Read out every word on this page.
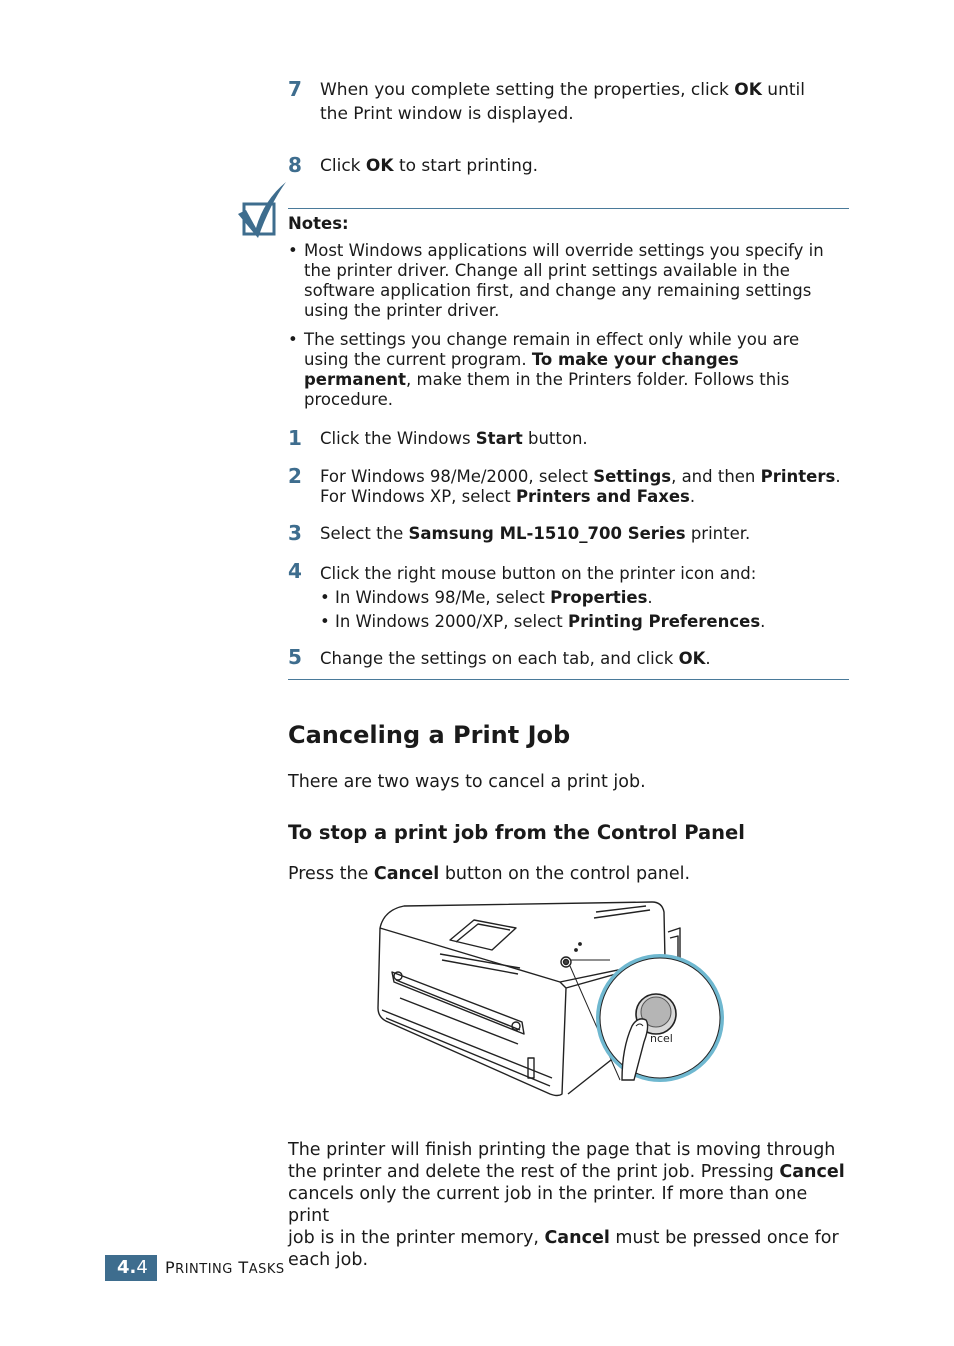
7 When you complete setting the properties, click OK until
the Print window is displayed.
8 Click OK to start printing.
Notes:
• Most Windows applications will override settings you specify in
the printer driver. Change all print settings available in the
software application first, and change any remaining settings
using the printer driver.
• The settings you change remain in effect only while you are
using the current program. To make your changes
permanent, make them in the Printers folder. Follows this
procedure.
1 Click the Windows Start button.
2 For Windows 98/Me/2000, select Settings, and then Printers.
For Windows XP, select Printers and Faxes.
3 Select the Samsung ML-1510_700 Series printer.
4 Click the right mouse button on the printer icon and:
• In Windows 98/Me, select Properties.
• In Windows 2000/XP, select Printing Preferences.
5 Change the settings on each tab, and click OK.
Canceling a Print Job
There are two ways to cancel a print job.
To stop a print job from the Control Panel
Press the Cancel button on the control panel.
ncel
The printer will finish printing the page that is moving through
the printer and delete the rest of the print job. Pressing Cancel
cancels only the current job in the printer. If more than one print
job is in the printer memory, Cancel must be pressed once for
each job.
4.4	PRINTING TASKS
